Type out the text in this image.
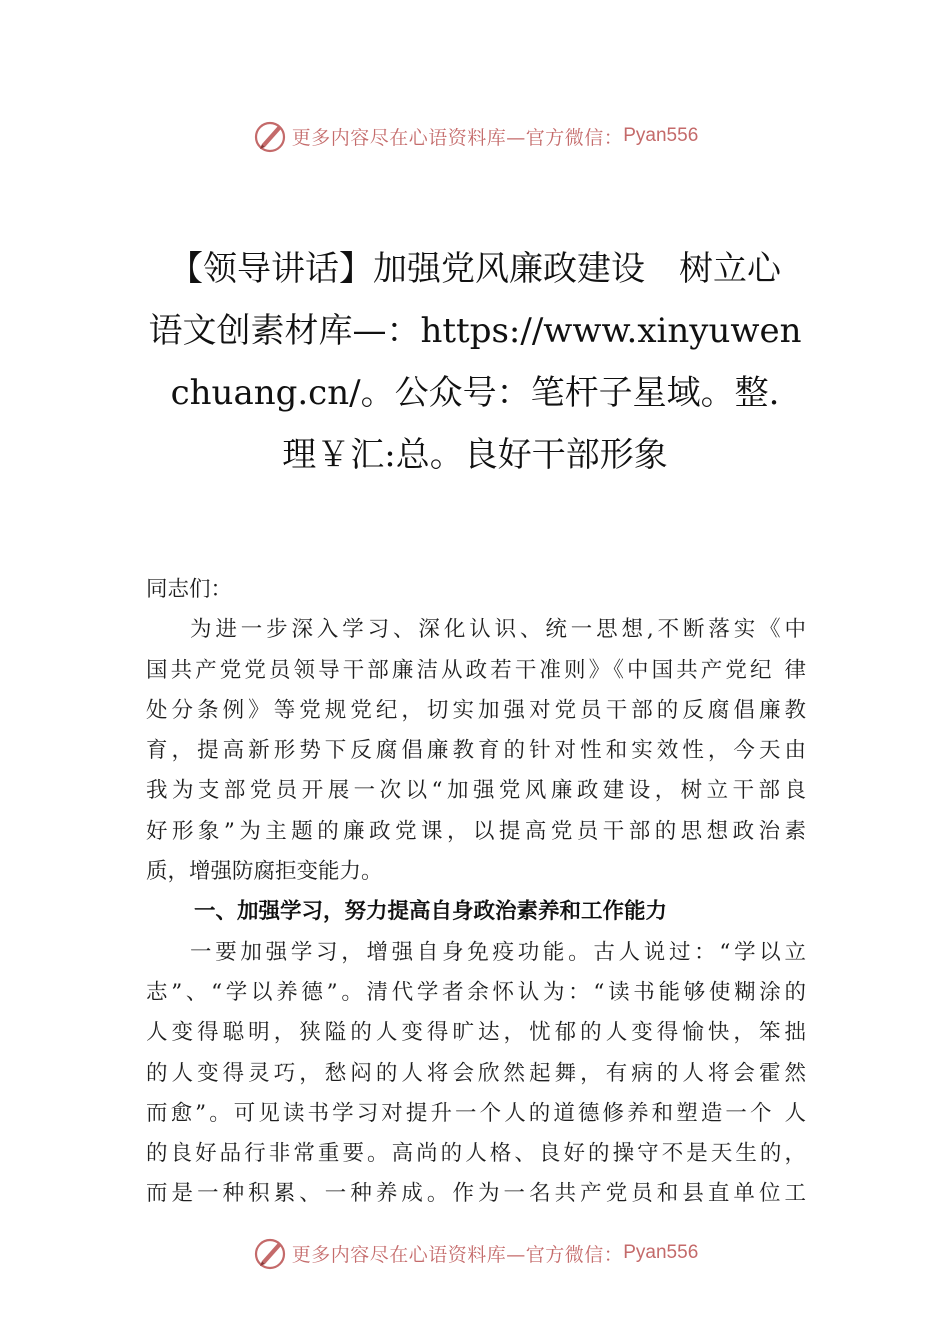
更多内容尽在心语资料库—官方微信： Pyan556
【领导讲话】加强党风廉政建设　树立心
语文创素材库—：https://www.xinyuwen
chuang.cn/。公众号：笔杆子星域。整.
理￥汇:总。良好干部形象
同志们：
为进一步深入学习、深化认识、统一思想,不断落实《中
国共产党党员领导干部廉洁从政若干准则》《中国共产党纪 律
处分条例》等党规党纪，切实加强对党员干部的反腐倡廉教
育，提高新形势下反腐倡廉教育的针对性和实效性，今天由
我为支部党员开展一次以“加强党风廉政建设，树立干部良
好形象”为主题的廉政党课，以提高党员干部的思想政治素
质，增强防腐拒变能力。
一、加强学习，努力提高自身政治素养和工作能力
一要加强学习，增强自身免疫功能。古人说过：“学以立
志”、“学以养德”。清代学者余怀认为：“读书能够使糊涂的
人变得聪明，狭隘的人变得旷达，忧郁的人变得愉快，笨拙
的人变得灵巧，愁闷的人将会欣然起舞，有病的人将会霍然
而愈”。可见读书学习对提升一个人的道德修养和塑造一个 人
的良好品行非常重要。高尚的人格、良好的操守不是天生的，
而是一种积累、一种养成。作为一名共产党员和县直单位工
更多内容尽在心语资料库—官方微信： Pyan556
